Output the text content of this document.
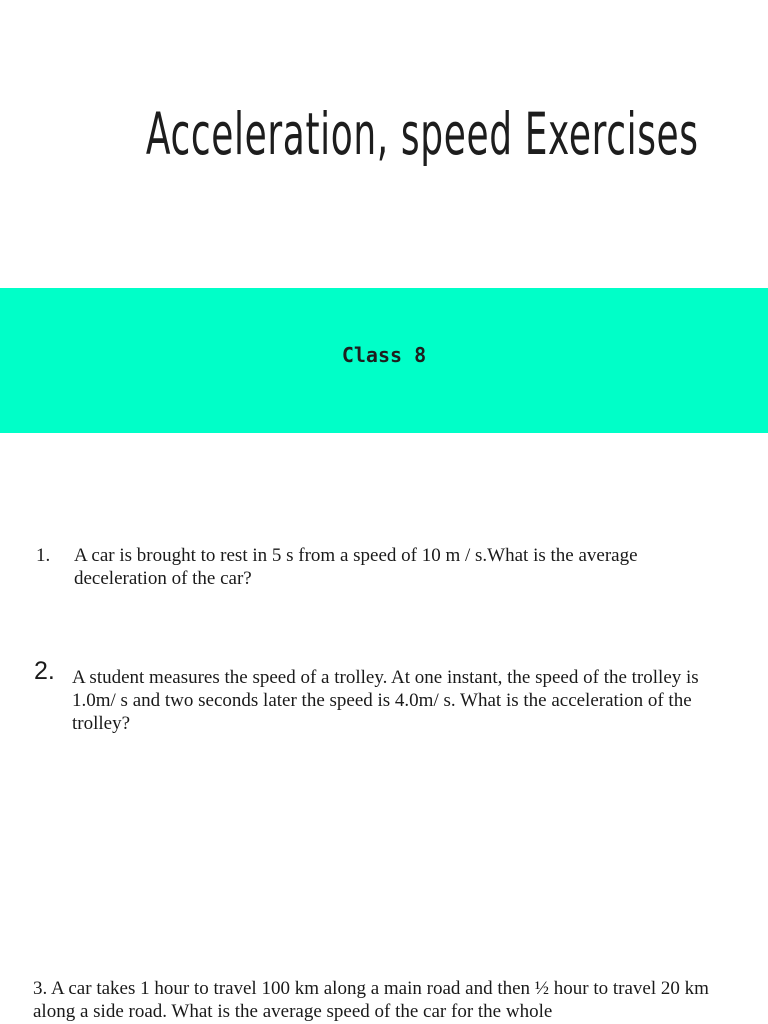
Acceleration, speed Exercises
Class 8
1. A car is brought to rest in 5 s from a speed of 10 m / s.What is the average deceleration of the car?
2. A student measures the speed of a trolley. At one instant, the speed of the trolley is 1.0m/ s and two seconds later the speed is 4.0m/ s. What is the acceleration of the trolley?
3. A car takes 1 hour to travel 100 km along a main road and then ½ hour to travel 20 km along a side road. What is the average speed of the car for the whole
